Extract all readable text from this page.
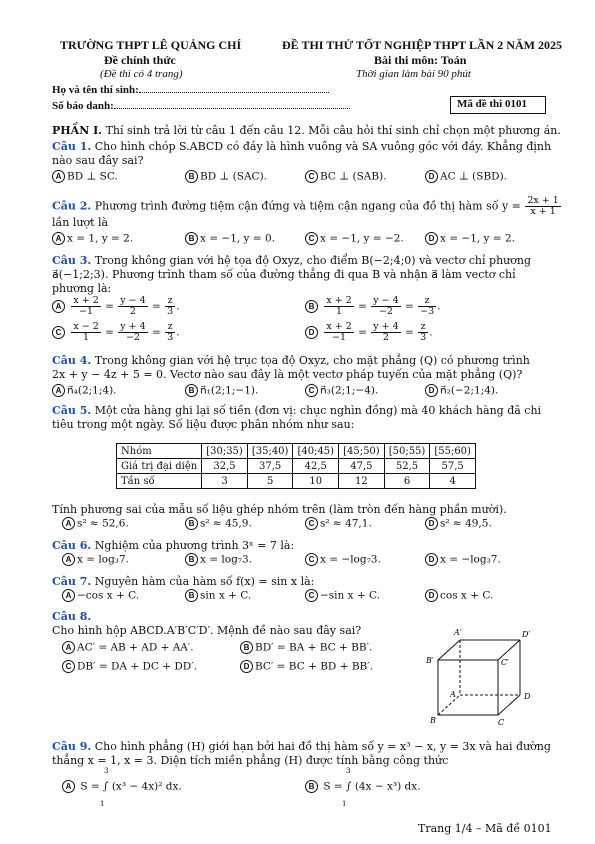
TRƯỜNG THPT LÊ QUẢNG CHÍ
Đề chính thức
(Đề thi có 4 trang)
ĐỀ THI THỬ TỐT NGHIỆP THPT LẦN 2 NĂM 2025
Bài thi môn: Toán
Thời gian làm bài 90 phút
Họ và tên thí sinh:
Số báo danh:	Mã đề thi 0101
PHẦN I. Thí sinh trả lời từ câu 1 đến câu 12. Mỗi câu hỏi thí sinh chỉ chọn một phương án.
Câu 1. Cho hình chóp S.ABCD có đáy là hình vuông và SA vuông góc với đáy. Khẳng định
nào sau đây sai?
A BD ⊥ SC.	B BD ⊥ (SAC).	C BC ⊥ (SAB).	D AC ⊥ (SBD).
Câu 2. Phương trình đường tiệm cận đứng và tiệm cận ngang của đồ thị hàm số $y = \frac{2x + 1}{x + 1}$
lần lượt là
A x = 1, y = 2.	B x = −1, y = 0.	C x = −1, y = −2.	D x = −1, y = 2.
Câu 3. Trong không gian với hệ tọa độ Oxyz, cho điểm B(−2;4;0) và vectơ chỉ phương
a⃗(−1;2;3). Phương trình tham số của đường thẳng đi qua B và nhận a⃗ làm vectơ chỉ
phương là:
A $\frac{x + 2}{-1} = \frac{y - 4}{2} = \frac{z}{3}$ .	B $\frac{x + 2}{1} = \frac{y - 4}{-2} = \frac{z}{-3}$ .
C $\frac{x - 2}{1} = \frac{y + 4}{-2} = \frac{z}{3}$ .	D $\frac{x + 2}{-1} = \frac{y + 4}{2} = \frac{z}{3}$ .
Câu 4. Trong không gian với hệ trục tọa độ Oxyz, cho mặt phẳng (Q) có phương trình
2x + y − 4z + 5 = 0. Vectơ nào sau đây là một vectơ pháp tuyến của mặt phẳng (Q)?
A n⃗₄(2;1;4).	B n⃗₁(2;1;−1).	C n⃗₃(2;1;−4).	D n⃗₂(−2;1;4).
Câu 5. Một cửa hàng ghi lại số tiền (đơn vị: chục nghìn đồng) mà 40 khách hàng đã chi
tiêu trong một ngày. Số liệu được phân nhóm như sau:
Nhóm	[30;35)	[35;40)	[40;45)	[45;50)	[50;55)	[55;60)
Giá trị đại diện	32,5	37,5	42,5	47,5	52,5	57,5
Tần số	3	5	10	12	6	4
Tính phương sai của mẫu số liệu ghép nhóm trên (làm tròn đến hàng phần mười).
A s² ≈ 52,6.	B s² ≈ 45,9.	C s² ≈ 47,1.	D s² ≈ 49,5.
Câu 6. Nghiệm của phương trình 3ˣ = 7 là:
A x = log₃7.	B x = log₇3.	C x = −log₇3.	D x = −log₃7.
Câu 7. Nguyên hàm của hàm số f(x) = sin x là:
A −cos x + C.	B sin x + C.	C −sin x + C.	D cos x + C.
Câu 8.
Cho hình hộp ABCD.A′B′C′D′. Mệnh đề nào sau đây sai?
A AC′ = AB + AD + AA′.	B BD′ = BA + BC + BB′.
C DB′ = DA + DC + DD′.	D BC′ = BC + BD + BB′.
A′	D′
B′	C′
A	D
B	C
Câu 9. Cho hình phẳng (H) giới hạn bởi hai đồ thị hàm số y = x³ − x, y = 3x và hai đường
thẳng x = 1, x = 3. Diện tích miền phẳng (H) được tính bằng công thức
A S = ∫ (x³ − 4x)² dx.	B S = ∫ (4x − x³) dx.
3
1
3
1
Trang 1/4 – Mã đề 0101
